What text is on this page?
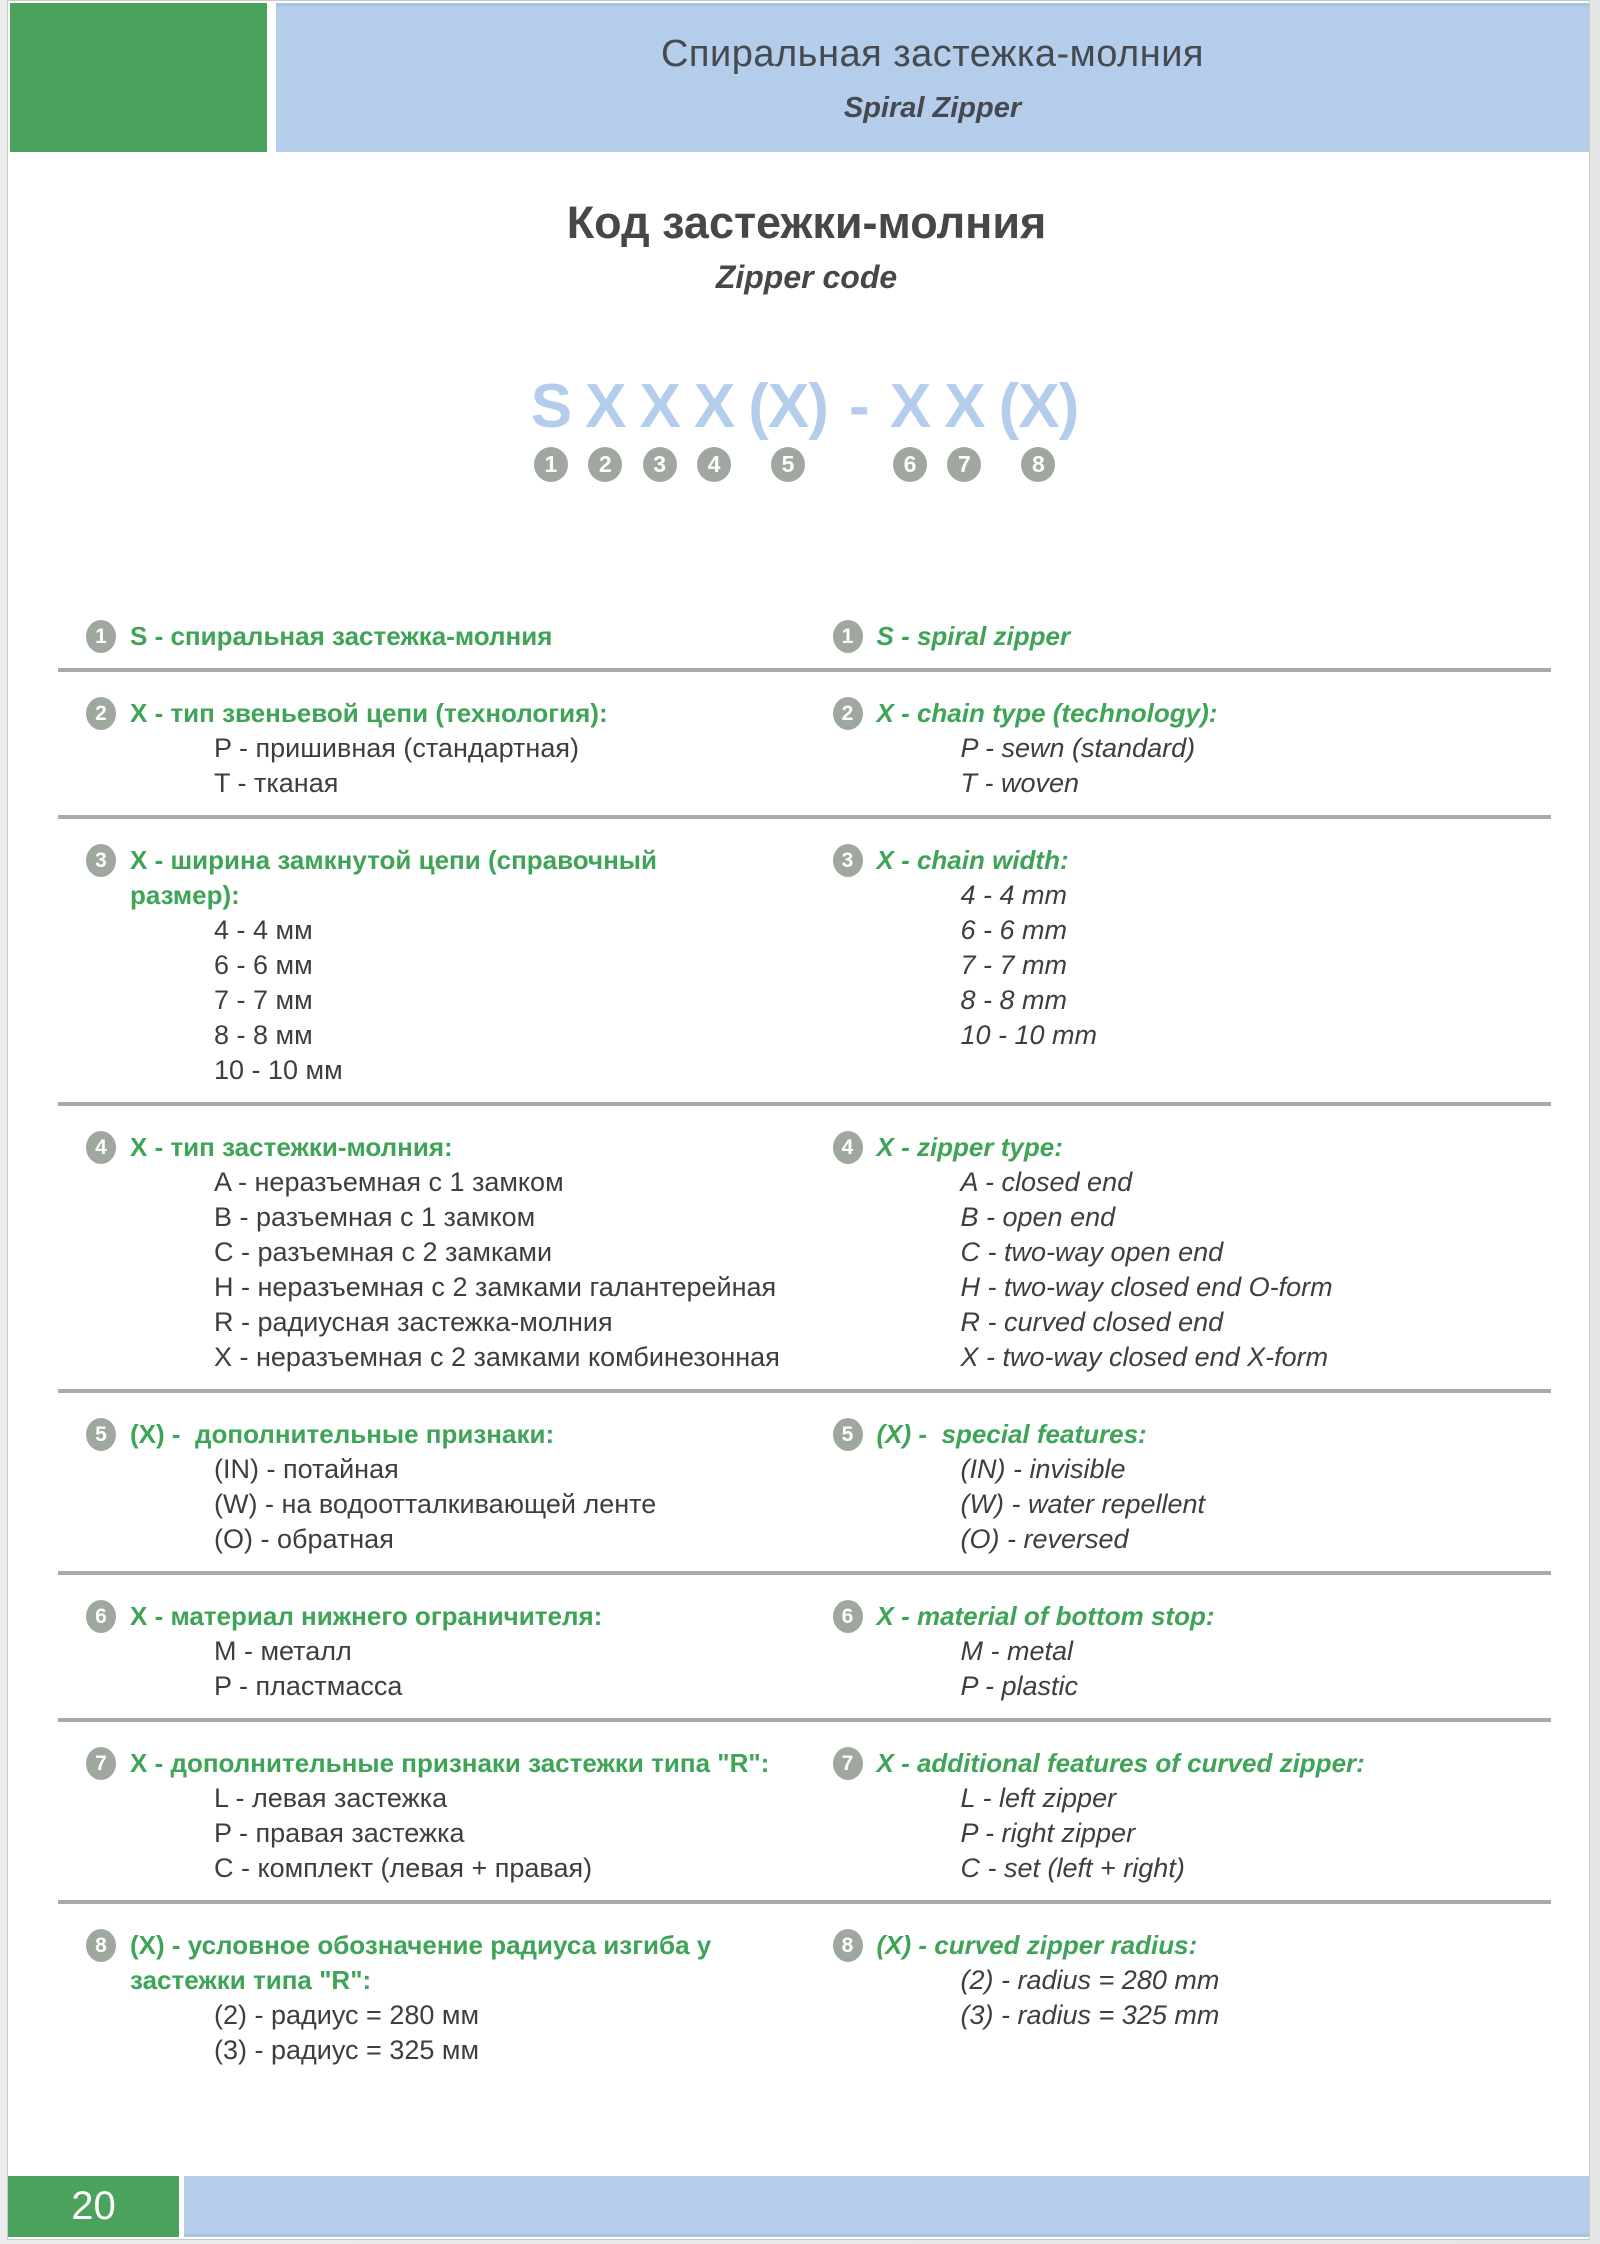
Спиральная застежка-молния
Spiral Zipper
Код застежки-молния
Zipper code
S
1
X
2
X
3
X
4
(X)
5
- X
6
X
7
(X)
8
1 S - спиральная застежка-молния	1 S - spiral zipper
2 X - тип звеньевой цепи (технология):
P - пришивная (стандартная)
T - тканая
2 X - chain type (technology):
P - sewn (standard)
T - woven
3 X - ширина замкнутой цепи (справочный размер):
4 - 4 мм
6 - 6 мм
7 - 7 мм
8 - 8 мм
10 - 10 мм
3 X - chain width:
4 - 4 mm
6 - 6 mm
7 - 7 mm
8 - 8 mm
10 - 10 mm
4 X - тип застежки-молния:
A - неразъемная с 1 замком
B - разъемная с 1 замком
C - разъемная с 2 замками
H - неразъемная с 2 замками галантерейная
R - радиусная застежка-молния
X - неразъемная с 2 замками комбинезонная
4 X - zipper type:
A - closed end
B - open end
C - two-way open end
H - two-way closed end O-form
R - curved closed end
X - two-way closed end X-form
5 (X) -  дополнительные признаки:
(IN) - потайная
(W) - на водоотталкивающей ленте
(O) - обратная
5 (X) -  special features:
(IN) - invisible
(W) - water repellent
(O) - reversed
6 X - материал нижнего ограничителя:
M - металл
P - пластмасса
6 X - material of bottom stop:
M - metal
P - plastic
7 X - дополнительные признаки застежки типа "R":
L - левая застежка
P - правая застежка
C - комплект (левая + правая)
7 X - additional features of curved zipper:
L - left zipper
P - right zipper
C - set (left + right)
8 (X) - условное обозначение радиуса изгиба у застежки типа "R":
(2) - радиус = 280 мм
(3) - радиус = 325 мм
8 (X) - curved zipper radius:
(2) - radius = 280 mm
(3) - radius = 325 mm
20
